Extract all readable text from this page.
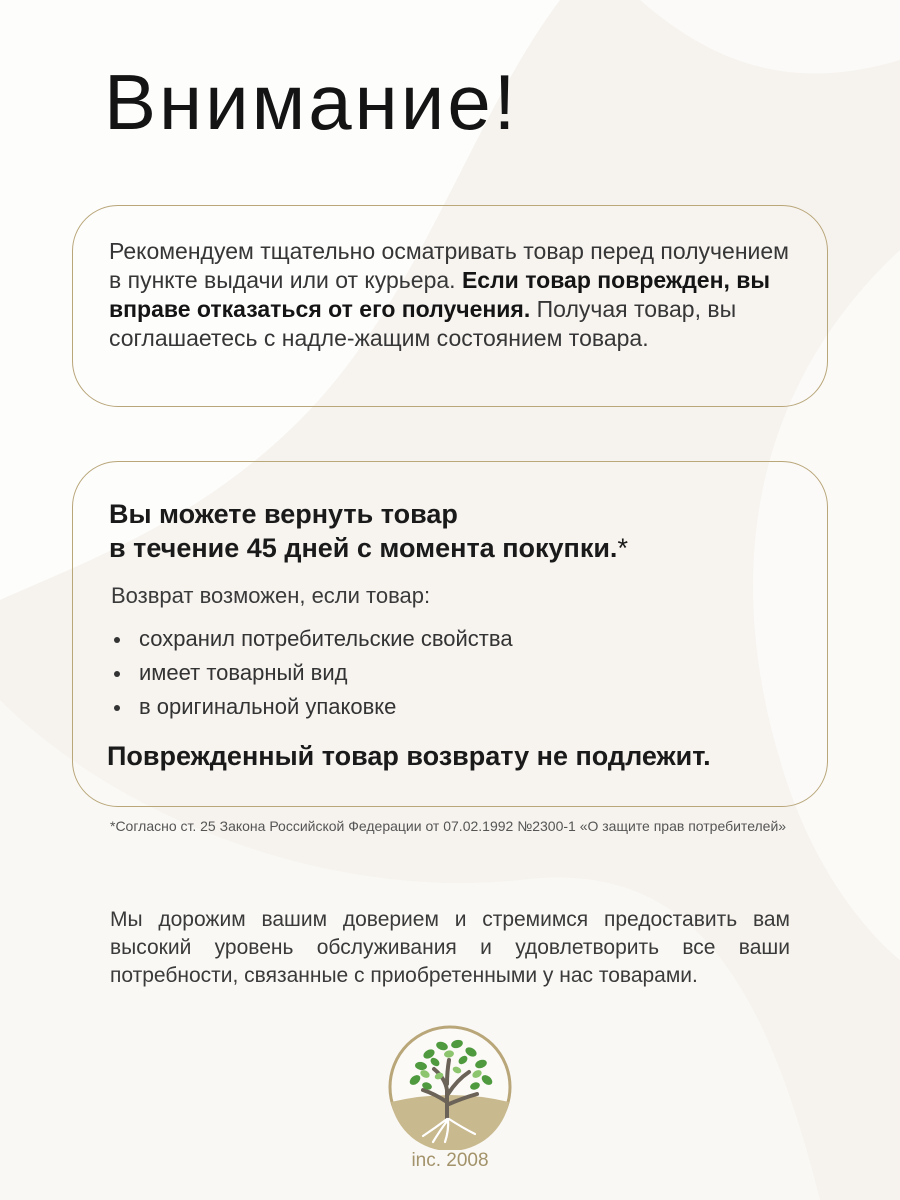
Внимание!

Рекомендуем тщательно осматривать товар перед получением в пункте выдачи или от курьера. Если товар поврежден, вы вправе отказаться от его получения. Получая товар, вы соглашаетесь с надле-жащим состоянием товара.

Вы можете вернуть товар
в течение 45 дней с момента покупки.*

Возврат возможен, если товар:

сохранил потребительские свойства
имеет товарный вид
в оригинальной упаковке

Поврежденный товар возврату не подлежит.

*Согласно ст. 25 Закона Российской Федерации от 07.02.1992 №2300-1 «О защите прав потребителей»

Мы дорожим вашим доверием и стремимся предоставить вам высокий уровень обслуживания и удовлетворить все ваши потребности, связанные с приобретенными у нас товарами.

inc. 2008
